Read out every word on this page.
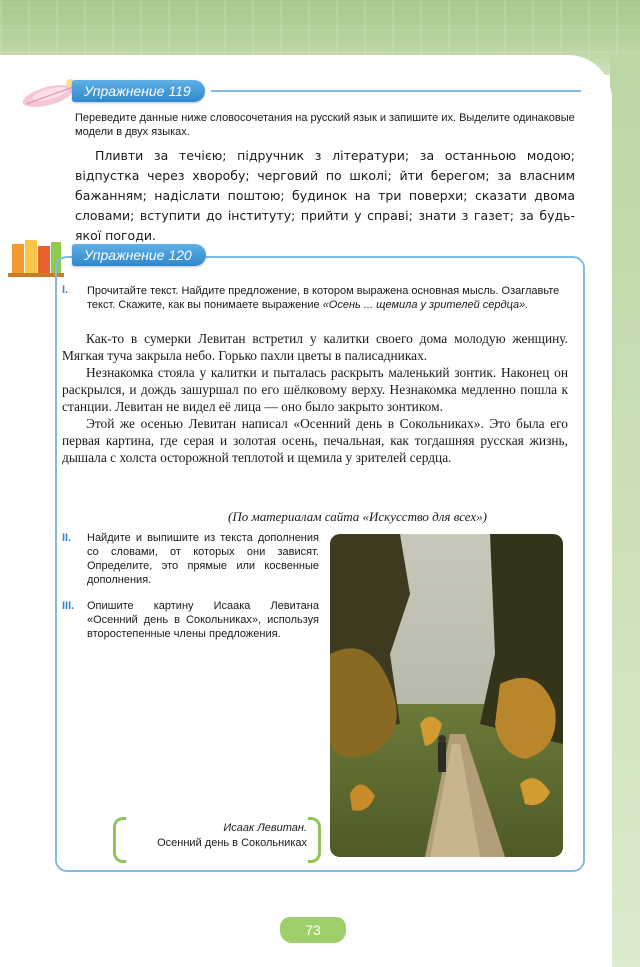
Упражнение 119

Переведите данные ниже словосочетания на русский язык и запишите их. Выделите одинаковые модели в двух языках.

Пливти за течією; підручник з літератури; за останньою модою; відпустка через хворобу; черговий по школі; йти берегом; за власним бажанням; надіслати поштою; будинок на три поверхи; сказати двома словами; вступити до інституту; прийти у справі; знати з газет; за будь-якої погоди.

Упражнение 120
I. Прочитайте текст. Найдите предложение, в котором выражена основная мысль. Озаглавьте текст. Скажите, как вы понимаете выражение «Осень ... щемила у зрителей сердца».

Как-то в сумерки Левитан встретил у калитки своего дома молодую женщину. Мягкая туча закрыла небо. Горько пахли цветы в палисадниках.

Незнакомка стояла у калитки и пыталась раскрыть маленький зонтик. Наконец он раскрылся, и дождь зашуршал по его шёлковому верху. Незнакомка медленно пошла к станции. Левитан не видел её лица — оно было закрыто зонтиком.

Этой же осенью Левитан написал «Осенний день в Сокольниках». Это была его первая картина, где серая и золотая осень, печальная, как тогдашняя русская жизнь, дышала с холста осторожной теплотой и щемила у зрителей сердца.

(По материалам сайта «Искусство для всех»)
II. Найдите и выпишите из текста дополнения со словами, от которых они зависят. Определите, это прямые или косвенные дополнения.

III. Опишите картину Исаака Левитана «Осенний день в Сокольниках», используя второстепенные члены предложения.

Исаак Левитан.
Осенний день в Сокольниках
73
